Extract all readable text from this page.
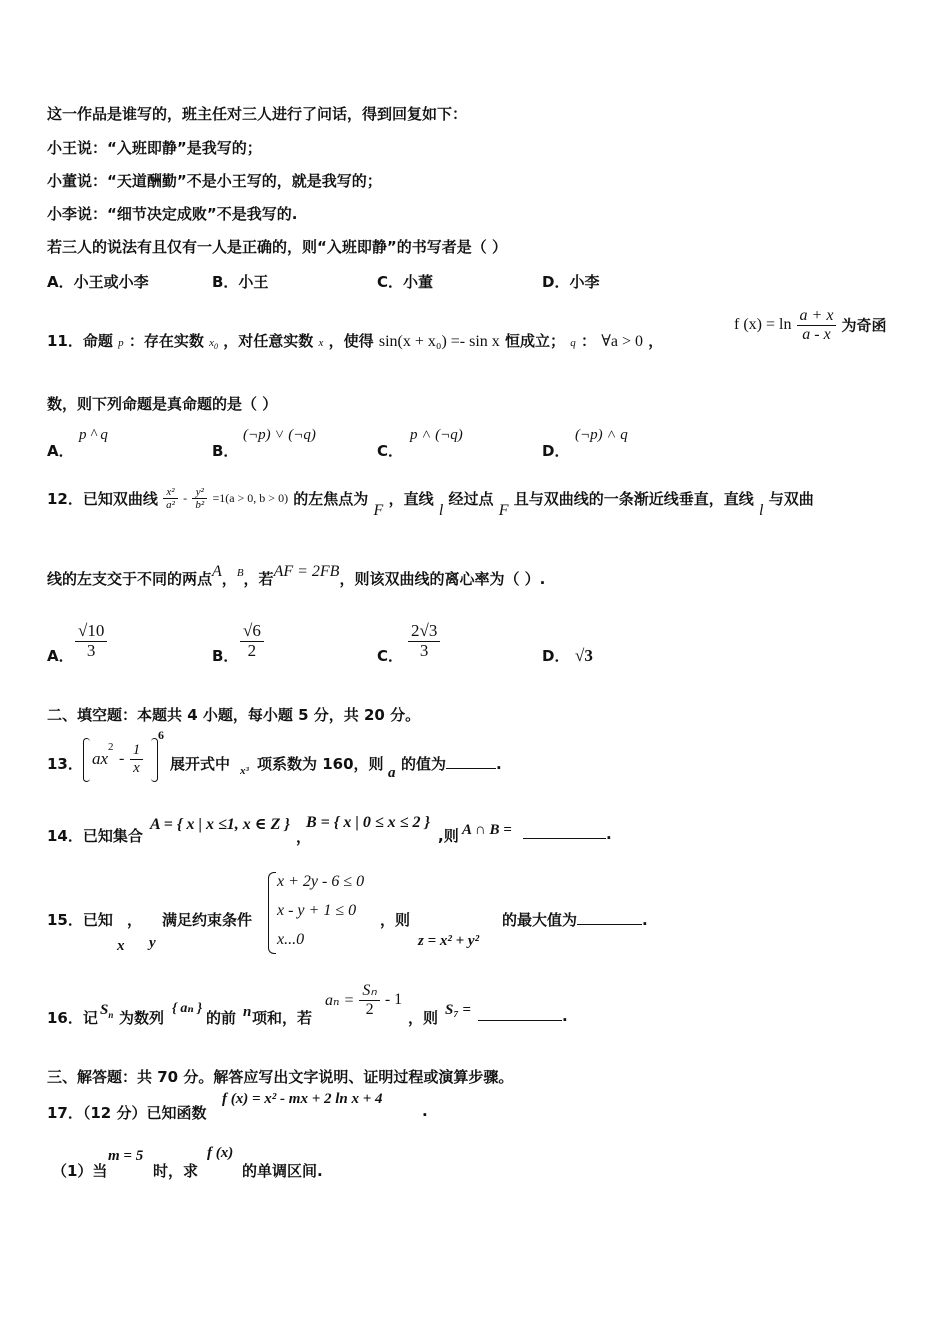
这一作品是谁写的，班主任对三人进行了问话，得到回复如下：
小王说：“入班即静”是我写的；
小董说：“天道酬勤”不是小王写的，就是我写的；
小李说：“细节决定成败”不是我写的.
若三人的说法有且仅有一人是正确的，则“入班即静”的书写者是（ ）
A．小王或小李	B．小王	C．小董	D．小李
11．命题 p ：存在实数 $x_0$ ，对任意实数 x ，使得 sin(x + x₀) =- sin x 恒成立； q ： ∀a > 0 ，
f $(x) = \ln \frac{a + x}{a - x}$ 为奇函
数，则下列命题是真命题的是（ ）
A．
p ^ q
B．
(¬p) ˅ (¬q)
C．
p ˄ (¬q)
D．
(¬p) ˄ q
12．已知双曲线 $\frac{\text{x²}}{\text{a²}} - \frac{\text{y²}}{\text{b²}} =1(a > 0$, b > 0) 的左焦点为 F ，直线 l 经过点 F 且与双曲线的一条渐近线垂直，直线 l 与双曲
线的左支交于不同的两点A，$^B$，若AF = 2FB，则该双曲线的离心率为（ ）.
A． $\frac{√10}{3}$	B． $\frac{√6}{2}$	C． $\frac{2√3}{3}$	D． √3
二、填空题：本题共 4 小题，每小题 5 分，共 20 分。
13． $ax^2 - \frac{1}{x}$
6
展开式中 x³ 项系数为 160，则 a 的值为	.
14．已知集合
A = { x | x ≤1, x ∈ Z }
，
B = { x | 0 ≤ x ≤ 2 }
,则 A ∩ B =	.
15．已知 ， 满足约束条件
x y
x + 2y - 6 ≤ 0
x - y + 1 ≤ 0
x...0
，则
z = x² + y²
的最大值为	.
16．记 $S_n$ 为数列
{ aₙ }
的前 n 项和，若
$a_n = \frac{\text{Sₙ}}{2} - 1$
，则 S₇ =	.
三、解答题：共 70 分。解答应写出文字说明、证明过程或演算步骤。
17．（12 分）已知函数
f (x) = x² - mx + 2 ln x + 4
.
（1）当
m = 5
时，求
f (x)
的单调区间.
